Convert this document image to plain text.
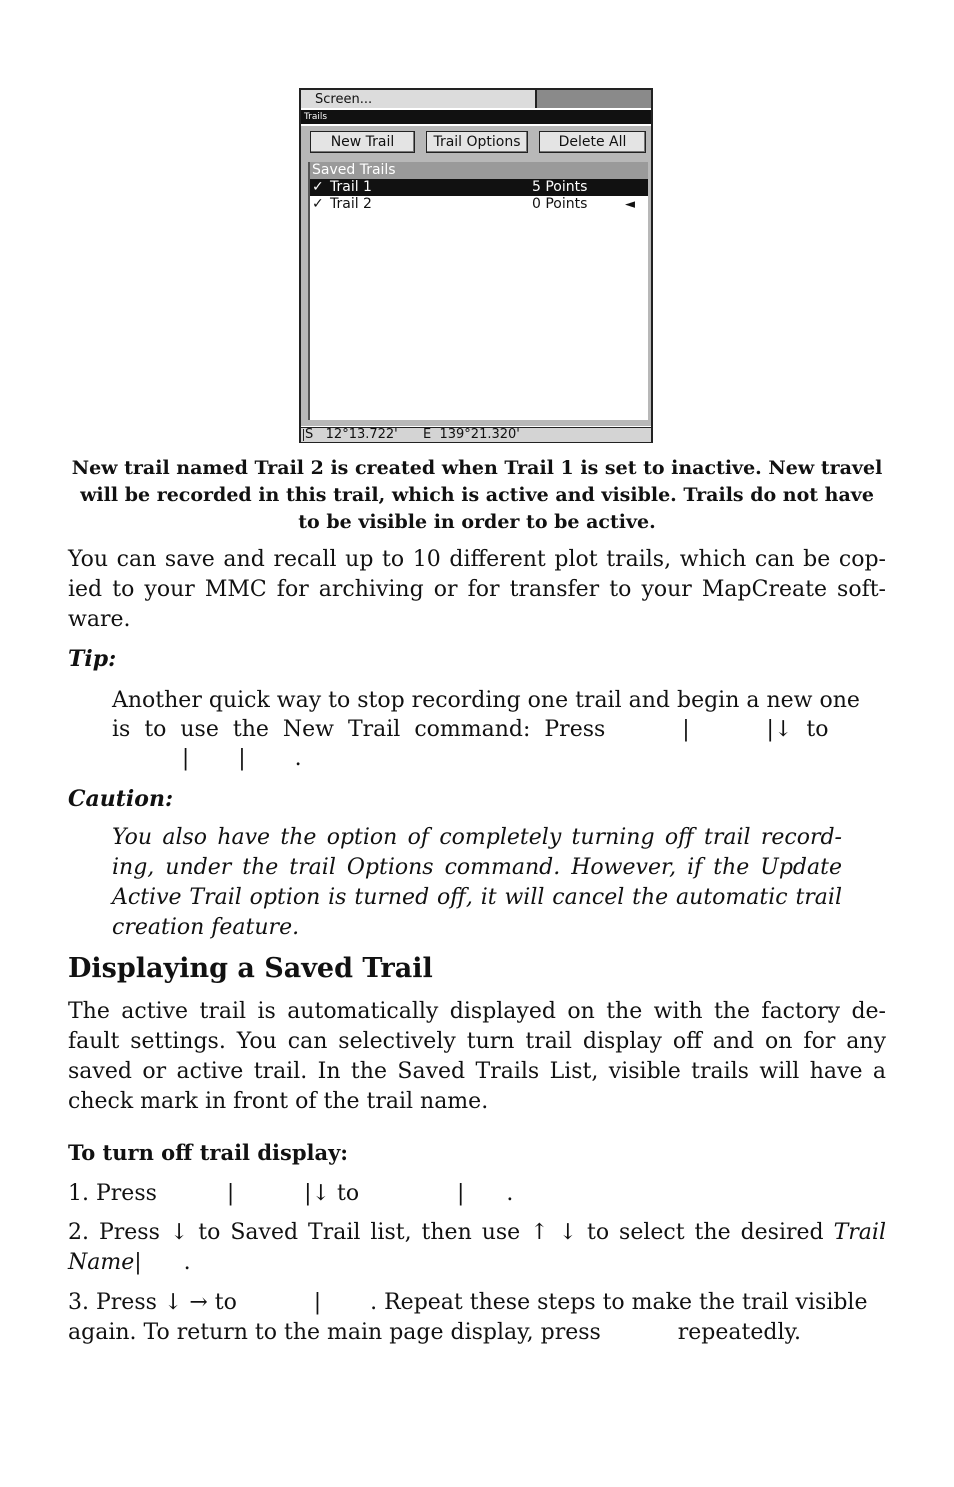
Screen...
Trails
New Trail	Trail Options	Delete All
Saved Trails
✓ Trail 1	5 Points
✓ Trail 2	0 Points	◄

S   12°13.722'

E  139°21.320'

New trail named Trail 2 is created when Trail 1 is set to inactive. New travel will be recorded in this trail, which is active and visible. Trails do not have to be visible in order to be active.
You can save and recall up to 10 different plot trails, which can be cop-ied to your MMC for archiving or for transfer to your MapCreate soft-ware.
Tip:
Another quick way to stop recording one trail and begin a new one
is  to  use  the  New  Trail  command:  Press           |           |↓  to
|       |       .
Caution:
You also have the option of completely turning off trail record-ing, under the trail Options command. However, if the Update Active Trail option is turned off, it will cancel the automatic trail creation feature.
Displaying a Saved Trail
The active trail is automatically displayed on the with the factory de-fault settings. You can selectively turn trail display off and on for any saved or active trail. In the Saved Trails List, visible trails will have a check mark in front of the trail name.
To turn off trail display:
1. Press          |          |↓ to              |      .
2. Press ↓ to Saved Trail list, then use ↑ ↓ to select the desired Trail Name|      .
3. Press ↓ → to           |       . Repeat these steps to make the trail visible
again. To return to the main page display, press           repeatedly.
